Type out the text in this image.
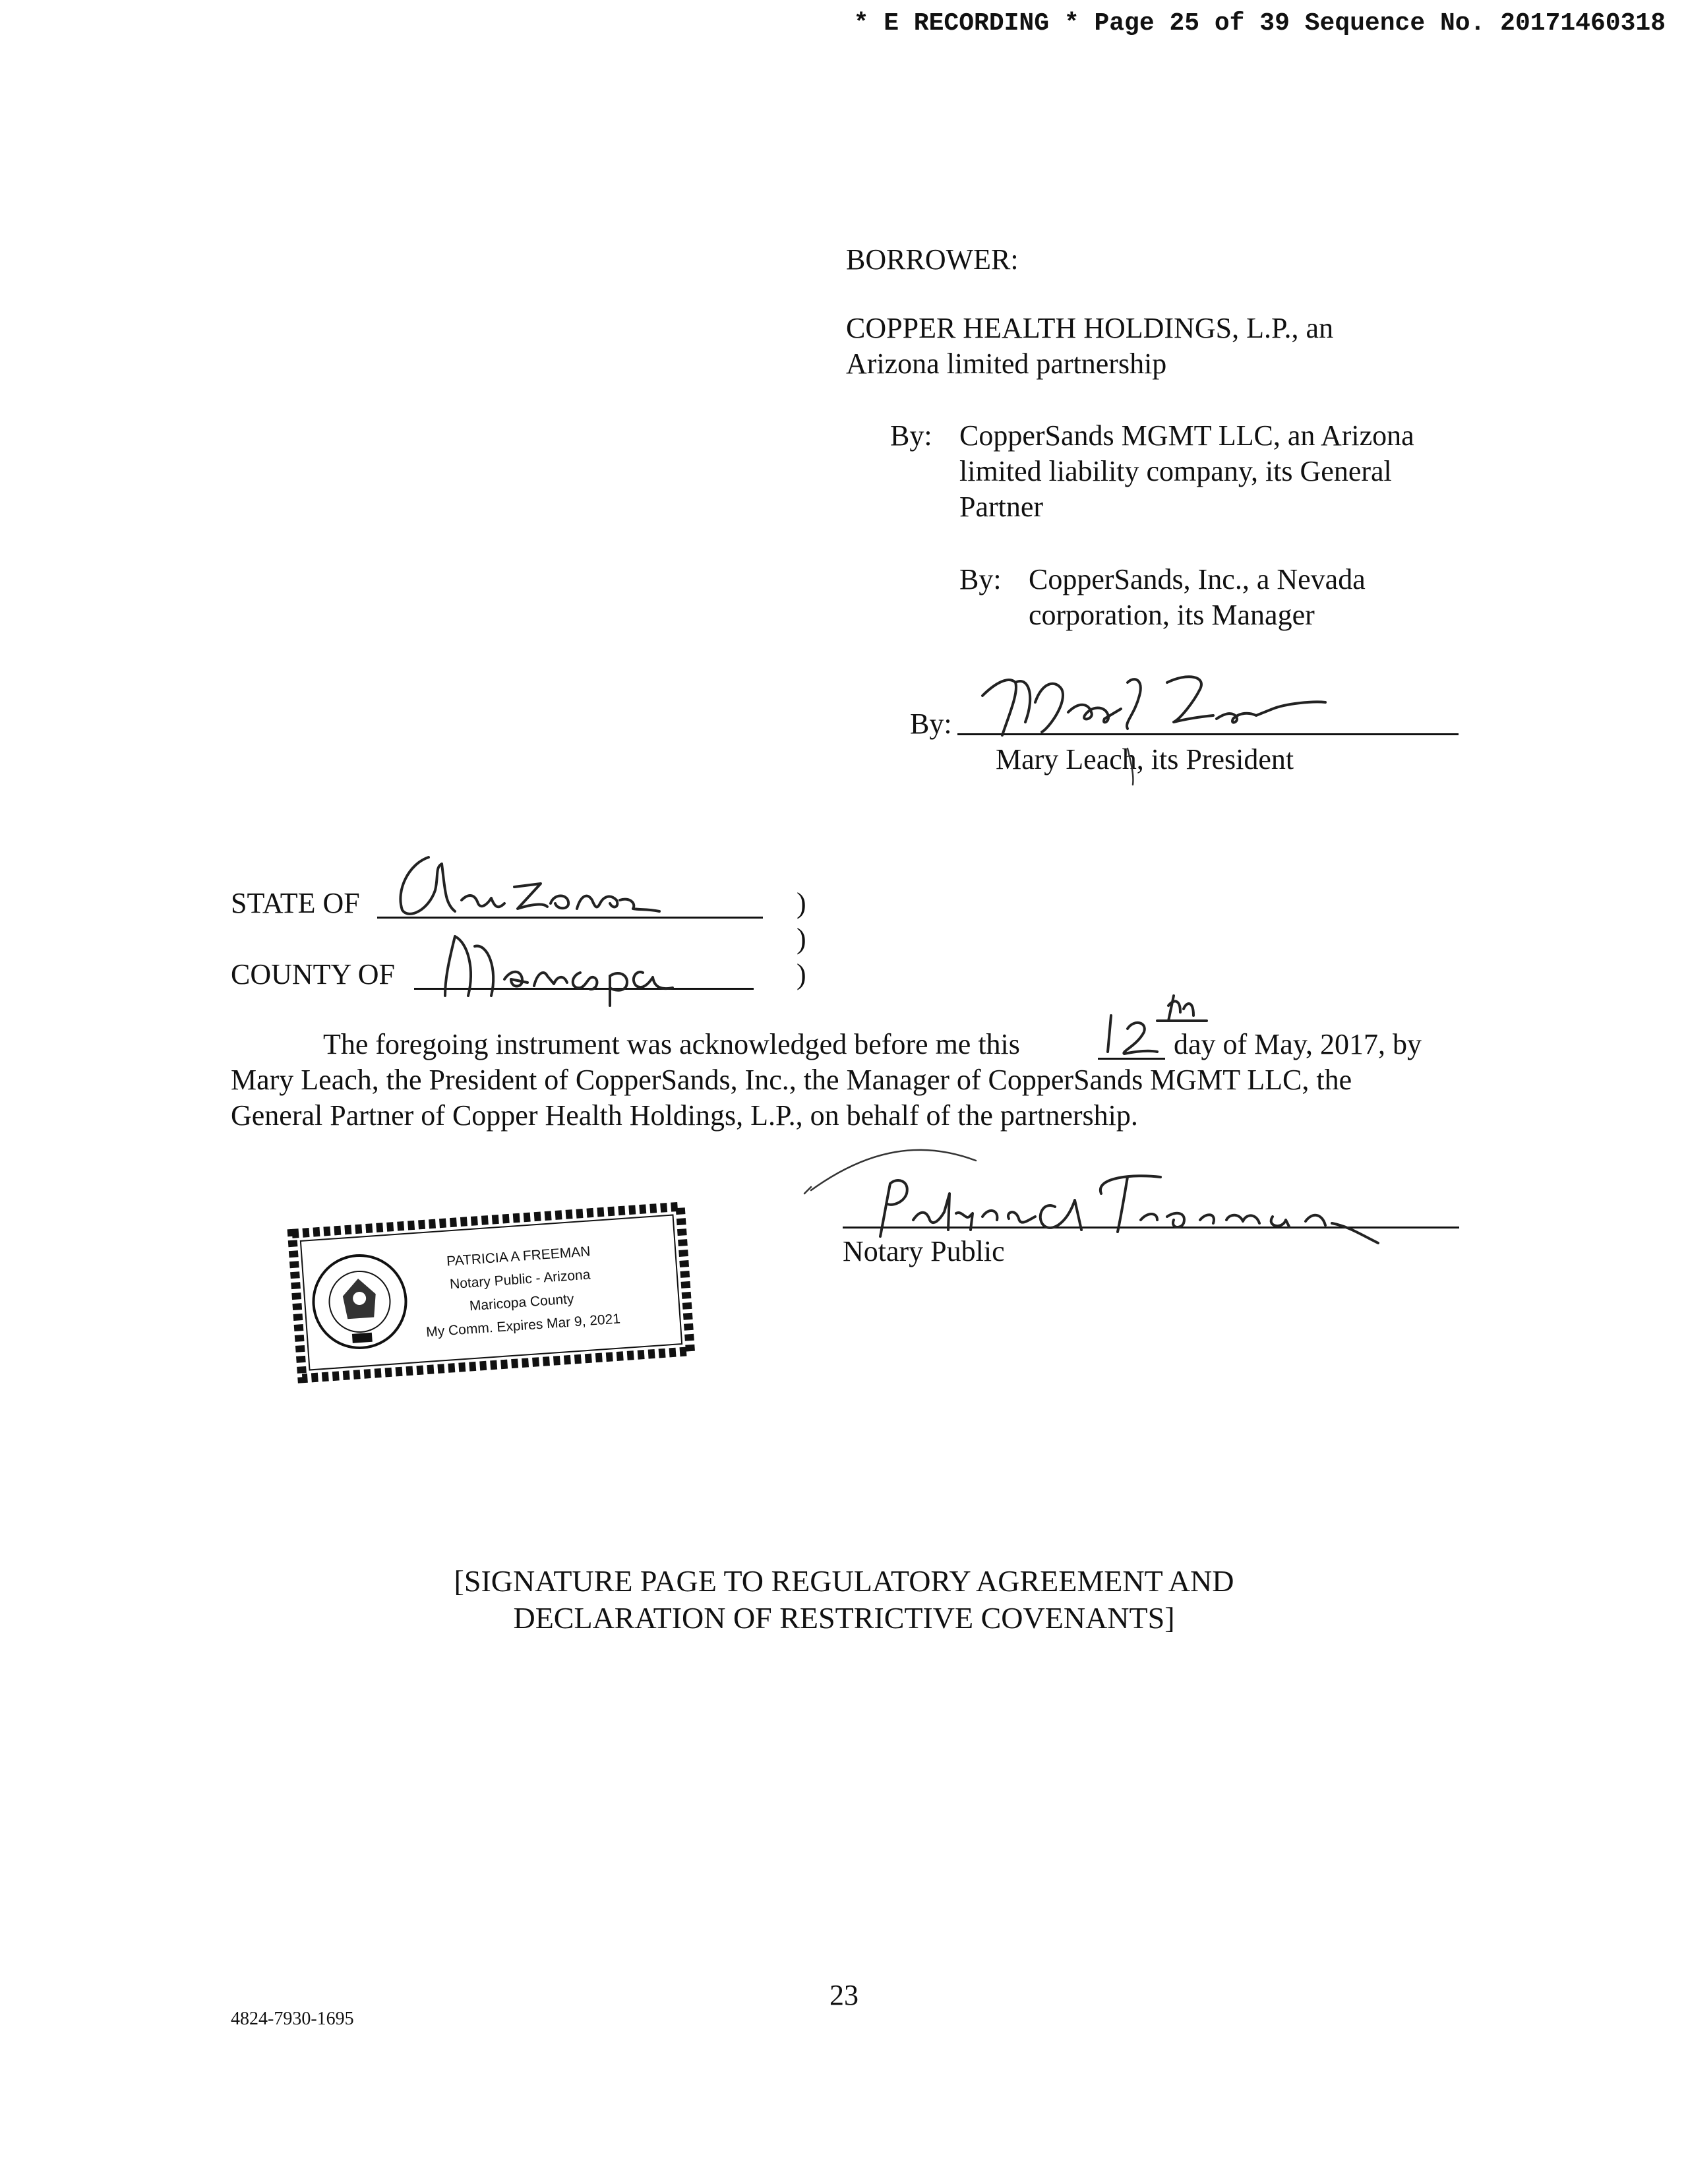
* E RECORDING * Page 25 of 39 Sequence No. 20171460318
BORROWER:
COPPER HEALTH HOLDINGS, L.P., an
Arizona limited partnership
By: CopperSands MGMT LLC, an Arizona
limited liability company, its General
Partner
By: CopperSands, Inc., a Nevada
corporation, its Manager
By:
Mary Leach, its President
STATE OF
COUNTY OF
)
)
)
The foregoing instrument was acknowledged before me this	day of May, 2017, by
Mary Leach, the President of CopperSands, Inc., the Manager of CopperSands MGMT LLC, the
General Partner of Copper Health Holdings, L.P., on behalf of the partnership.
Notary Public
PATRICIA A FREEMAN
Notary Public - Arizona
Maricopa County
My Comm. Expires Mar 9, 2021
[SIGNATURE PAGE TO REGULATORY AGREEMENT AND
DECLARATION OF RESTRICTIVE COVENANTS]
23
4824-7930-1695
